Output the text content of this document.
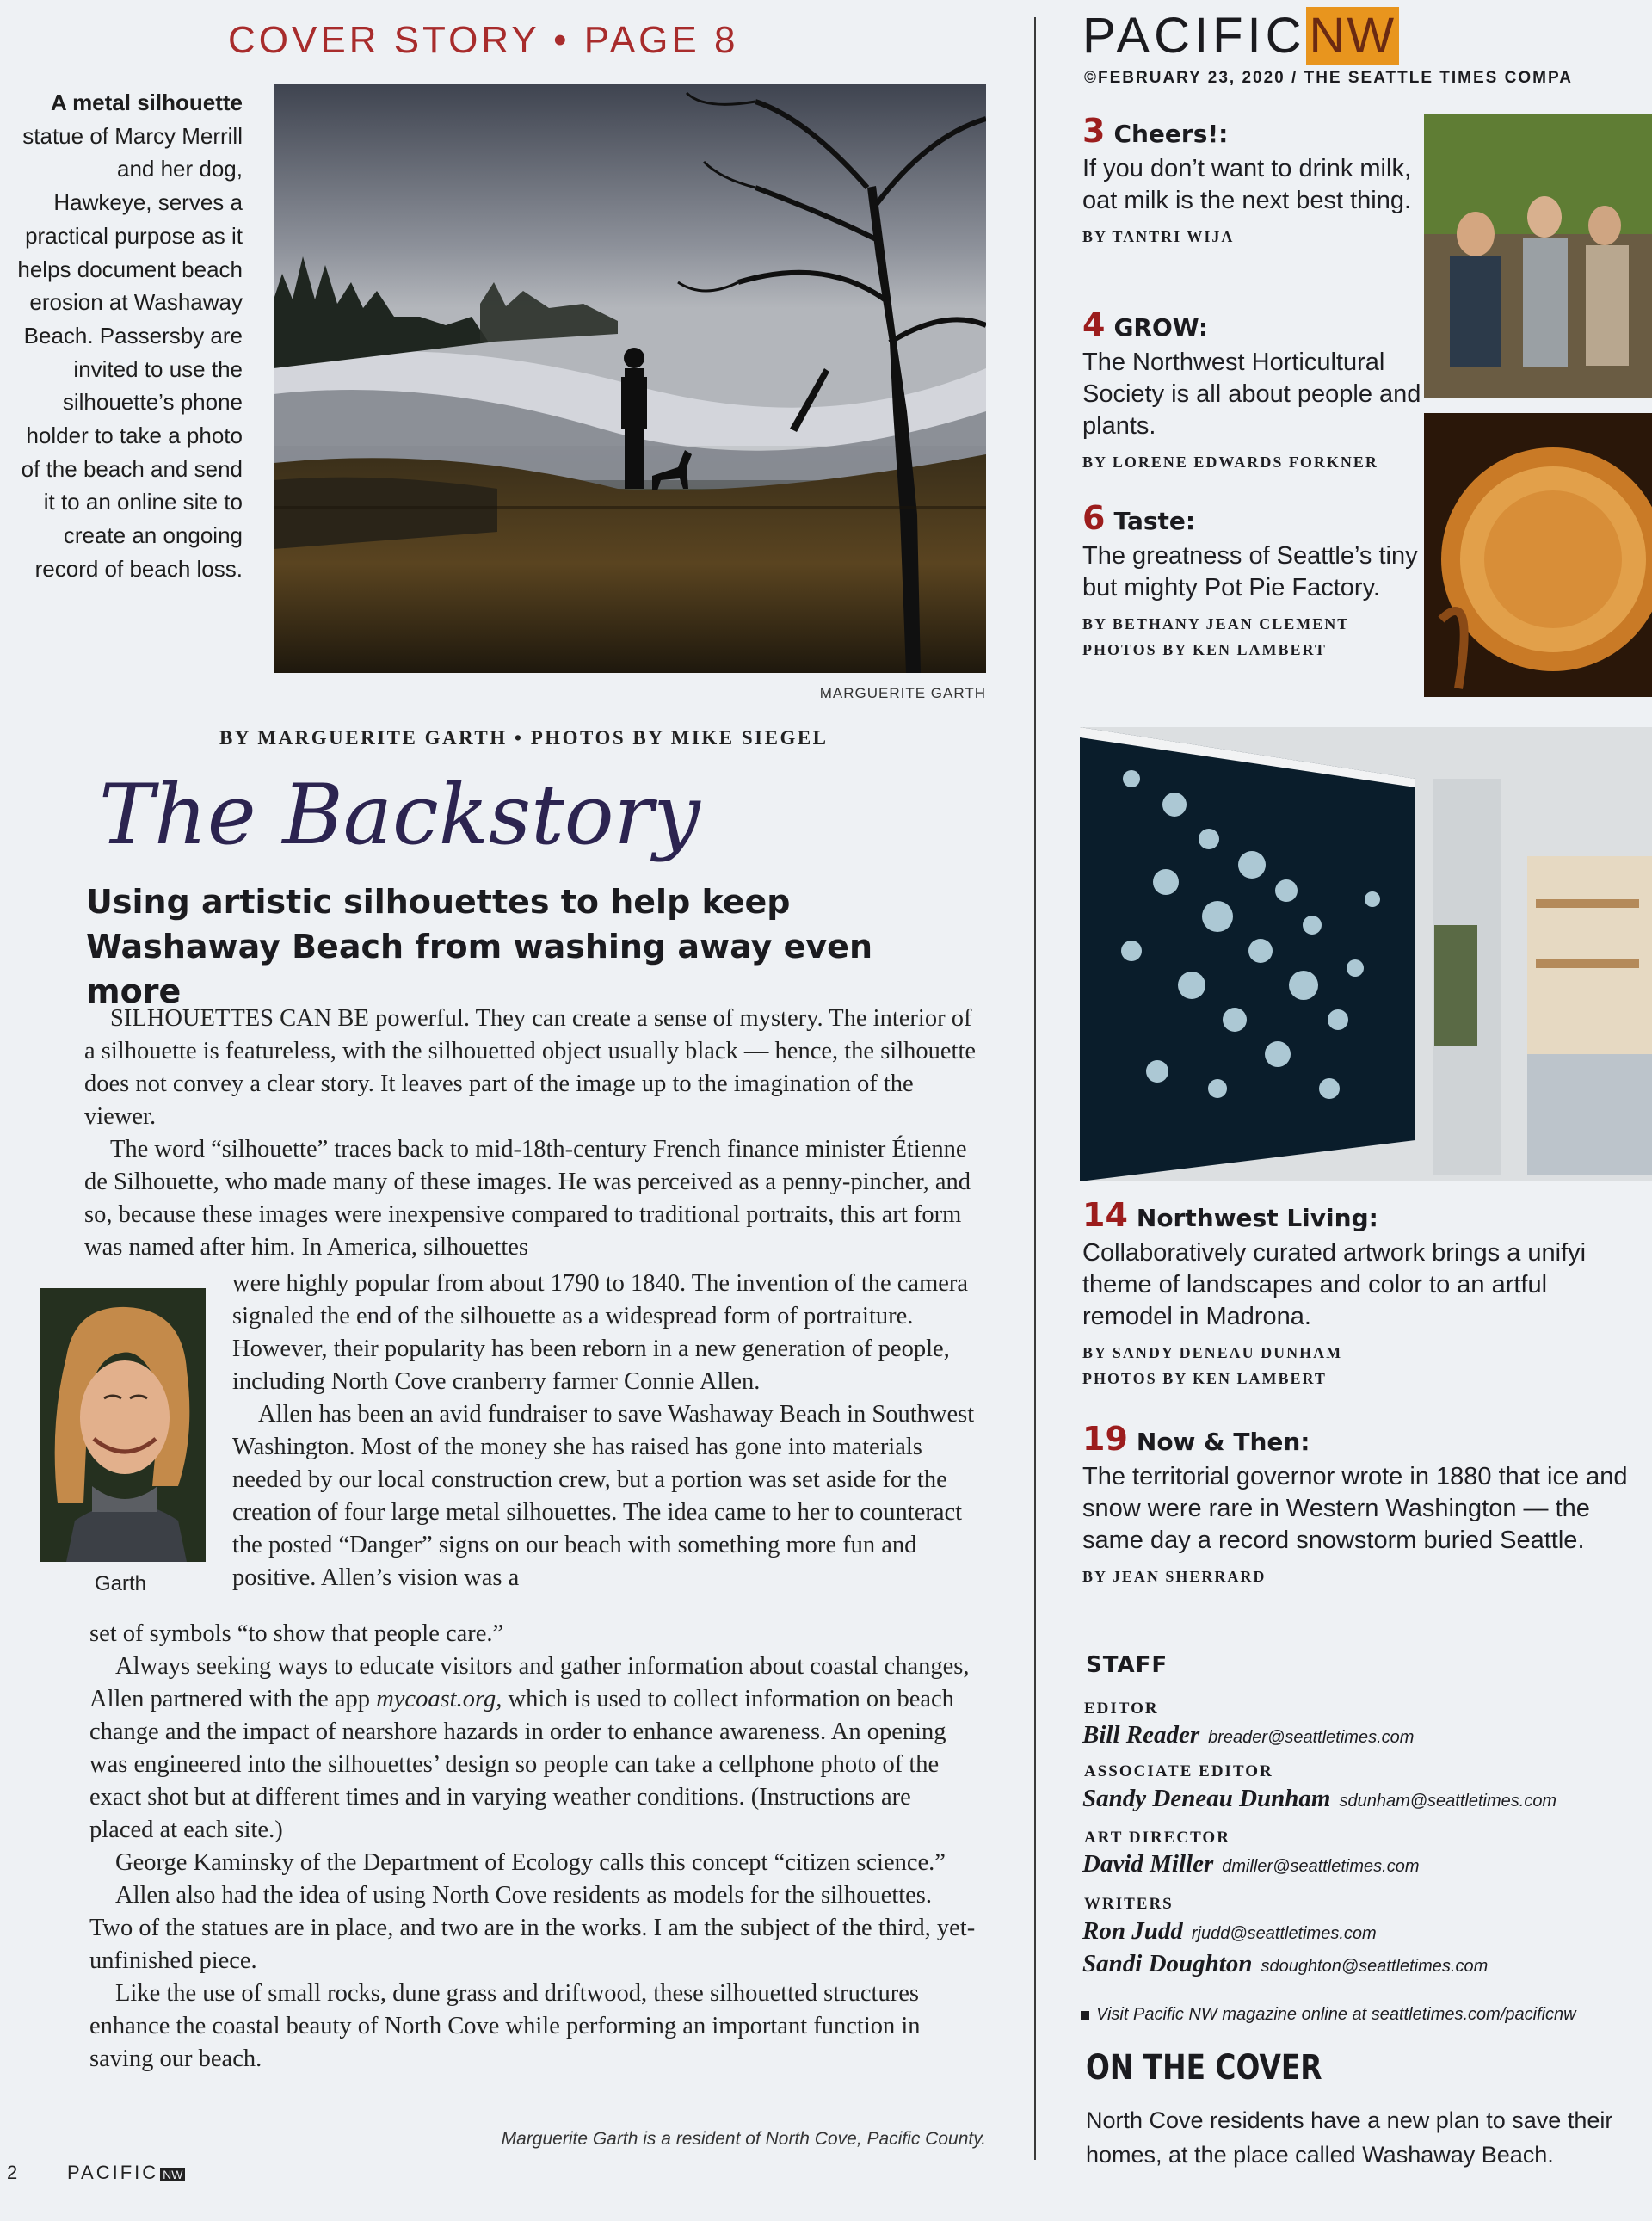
COVER STORY • PAGE 8
A metal silhouette statue of Marcy Merrill and her dog, Hawkeye, serves a practical purpose as it helps document beach erosion at Washaway Beach. Passersby are invited to use the silhouette’s phone holder to take a photo of the beach and send it to an online site to create an ongoing record of beach loss.
MARGUERITE GARTH
BY MARGUERITE GARTH • PHOTOS BY MIKE SIEGEL
The Backstory
Using artistic silhouettes to help keep Washaway Beach from washing away even more

SILHOUETTES CAN BE powerful. They can create a sense of mystery. The interior of a silhouette is featureless, with the silhouetted object usually black — hence, the silhouette does not convey a clear story. It leaves part of the image up to the imagination of the viewer.

The word “silhouette” traces back to mid-18th-century French finance minister Étienne de Silhouette, who made many of these images. He was perceived as a penny-pincher, and so, because these images were inexpensive compared to traditional portraits, this art form was named after him. In America, silhouettes

Garth

were highly popular from about 1790 to 1840. The invention of the camera signaled the end of the silhouette as a widespread form of portraiture. However, their popularity has been reborn in a new generation of people, including North Cove cranberry farmer Connie Allen.

Allen has been an avid fundraiser to save Washaway Beach in Southwest Washington. Most of the money she has raised has gone into materials needed by our local construction crew, but a portion was set aside for the creation of four large metal silhouettes. The idea came to her to counteract the posted “Danger” signs on our beach with something more fun and positive. Allen’s vision was a

set of symbols “to show that people care.”

Always seeking ways to educate visitors and gather information about coastal changes, Allen partnered with the app mycoast.org, which is used to collect information on beach change and the impact of nearshore hazards in order to enhance awareness. An opening was engineered into the silhouettes’ design so people can take a cellphone photo of the exact shot but at different times and in varying weather conditions. (Instructions are placed at each site.)

George Kaminsky of the Department of Ecology calls this concept “citizen science.”

Allen also had the idea of using North Cove residents as models for the silhouettes. Two of the statues are in place, and two are in the works. I am the subject of the third, yet-unfinished piece.

Like the use of small rocks, dune grass and driftwood, these silhouetted structures enhance the coastal beauty of North Cove while performing an important function in saving our beach.

Marguerite Garth is a resident of North Cove, Pacific County.
2	PACIFIC NW
PACIFICNW
©FEBRUARY 23, 2020 / THE SEATTLE TIMES COMPA
3 Cheers!:
If you don’t want to drink milk, oat milk is the next best thing.
BY TANTRI WIJA
4 GROW:
The Northwest Horticultural Society is all about people and plants.
BY LORENE EDWARDS FORKNER
6 Taste:
The greatness of Seattle’s tiny but mighty Pot Pie Factory.
BY BETHANY JEAN CLEMENT
PHOTOS BY KEN LAMBERT
14 Northwest Living:
Collaboratively curated artwork brings a unifyi theme of landscapes and color to an artful remodel in Madrona.
BY SANDY DENEAU DUNHAM
PHOTOS BY KEN LAMBERT
19 Now & Then:
The territorial governor wrote in 1880 that ice and snow were rare in Western Washington — the same day a record snowstorm buried Seattle.
BY JEAN SHERRARD
STAFF
EDITOR
Bill Reader breader@seattletimes.com
ASSOCIATE EDITOR
Sandy Deneau Dunham sdunham@seattletimes.com
ART DIRECTOR
David Miller dmiller@seattletimes.com
WRITERS
Ron Judd rjudd@seattletimes.com
Sandi Doughton sdoughton@seattletimes.com
Visit Pacific NW magazine online at seattletimes.com/pacificnw
ON THE COVER
North Cove residents have a new plan to save their
homes, at the place called Washaway Beach.
